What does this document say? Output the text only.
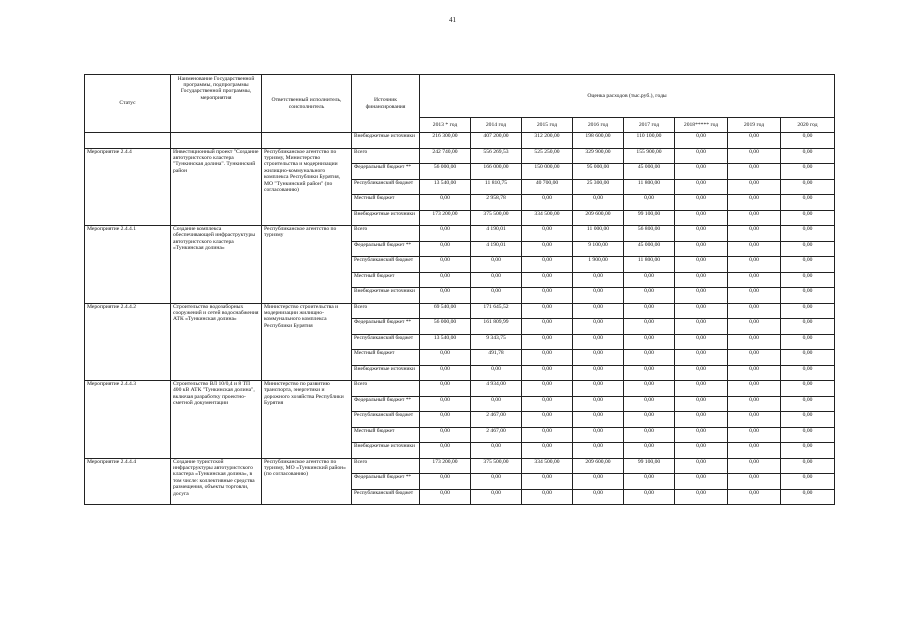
41
Статус	Наименование Государственной программы, подпрограммы Государственной программы, мероприятия	Ответственный исполнитель, соисполнитель	Источник финансирования	Оценка расходов (тыс.руб.), годы							
				2013 * год	2014 год	2015 год	2016 год	2017 год	2018***** год	2019 год	2020 год
			Внебюджетные источники	216 300,00	407 200,00	312 200,00	198 600,00	110 100,00	0,00	0,00	0,00
Мероприятие 2.4.4	Инвестиционный проект "Создание автотуристского кластера "Тункинская долина". Тункинский район	Республиканское агентство по туризму, Министерство строительства и модернизации жилищно-коммунального комплекса Республики Бурятия, МО "Тункинский район" (по согласованию)	Всего	242 740,00	556 269,53	525 250,00	329 900,00	155 900,00	0,00	0,00	0,00
			Федеральный бюджет **	56 000,00	166 000,00	150 000,00	95 000,00	45 000,00	0,00	0,00	0,00
			Республиканский бюджет	13 540,00	11 810,75	40 700,00	25 300,00	11 800,00	0,00	0,00	0,00
			Местный бюджет	0,00	2 958,78	0,00	0,00	0,00	0,00	0,00	0,00
			Внебюджетные источники	173 200,00	375 500,00	334 500,00	209 600,00	99 100,00	0,00	0,00	0,00
Мероприятие 2.4.4.1	Создание комплекса обеспечивающей инфраструктуры автотуристского кластера «Тункинская долина»	Республиканское агентство по туризму	Всего	0,00	4 190,01	0,00	11 000,00	56 800,00	0,00	0,00	0,00
			Федеральный бюджет **	0,00	4 190,01	0,00	9 100,00	45 000,00	0,00	0,00	0,00
			Республиканский бюджет	0,00	0,00	0,00	1 900,00	11 800,00	0,00	0,00	0,00
			Местный бюджет	0,00	0,00	0,00	0,00	0,00	0,00	0,00	0,00
			Внебюджетные источники	0,00	0,00	0,00	0,00	0,00	0,00	0,00	0,00
Мероприятие 2.4.4.2	Строительство водозаборных сооружений и сетей водоснабжения АТК «Тункинская долина»	Министерство строительства и модернизации жилищно-коммунального комплекса Республики Бурятия	Всего	69 540,00	171 645,52	0,00	0,00	0,00	0,00	0,00	0,00
			Федеральный бюджет **	56 000,00	161 809,99	0,00	0,00	0,00	0,00	0,00	0,00
			Республиканский бюджет	13 540,00	9 343,75	0,00	0,00	0,00	0,00	0,00	0,00
			Местный бюджет	0,00	491,78	0,00	0,00	0,00	0,00	0,00	0,00
			Внебюджетные источники	0,00	0,00	0,00	0,00	0,00	0,00	0,00	0,00
Мероприятие 2.4.4.3	Строительство ВЛ 10/0,4 и 8 ТП 400 кВ АТК "Тункинская долина", включая разработку проектно-сметной документации	Министерство по развитию транспорта, энергетики и дорожного хозяйства Республики Бурятия	Всего	0,00	4 934,00	0,00	0,00	0,00	0,00	0,00	0,00
			Федеральный бюджет **	0,00	0,00	0,00	0,00	0,00	0,00	0,00	0,00
			Республиканский бюджет	0,00	2 467,00	0,00	0,00	0,00	0,00	0,00	0,00
			Местный бюджет	0,00	2 467,00	0,00	0,00	0,00	0,00	0,00	0,00
			Внебюджетные источники	0,00	0,00	0,00	0,00	0,00	0,00	0,00	0,00
Мероприятие 2.4.4.4	Создание туристской инфраструктуры автотуристского кластера «Тункинская долина», в том числе: коллективные средства размещения, объекты торговли, досуга	Республиканское агентство по туризму, МО «Тункинский район» (по согласованию)	Всего	173 200,00	375 500,00	334 500,00	209 600,00	99 100,00	0,00	0,00	0,00
			Федеральный бюджет **	0,00	0,00	0,00	0,00	0,00	0,00	0,00	0,00
			Республиканский бюджет	0,00	0,00	0,00	0,00	0,00	0,00	0,00	0,00
